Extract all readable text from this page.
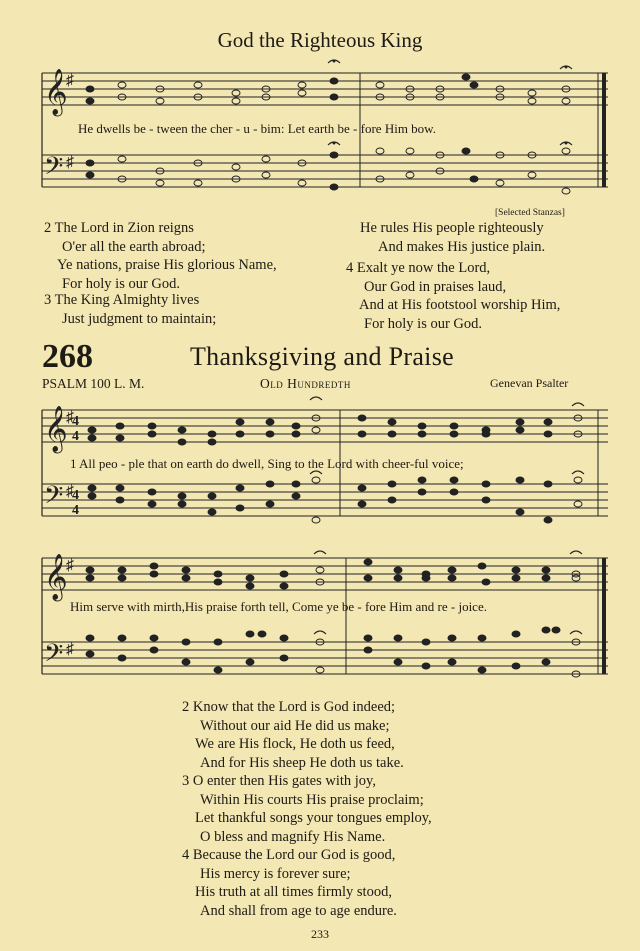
God the Righteous King
𝄞
𝄢
♯
♯
He dwells be - tween the cher - u - bim: Let earth be - fore Him bow.
[Selected Stanzas]
2 The Lord in Zion reigns
O'er all the earth abroad;
Ye nations, praise His glorious Name,
For holy is our God.
3 The King Almighty lives
Just judgment to maintain;
He rules His people righteously
And makes His justice plain.
4 Exalt ye now the Lord,
Our God in praises laud,
And at His footstool worship Him,
For holy is our God.
268	Thanksgiving and Praise
PSALM 100 L. M.	Old Hundredth	Genevan Psalter
𝄞
𝄢
♯
♯
4
4
4
4
1 All peo - ple that on earth do dwell, Sing to the Lord with cheer-ful voice;
𝄞
𝄢
♯
♯
Him serve with mirth,His praise forth tell, Come ye be - fore Him and re - joice.
2 Know that the Lord is God indeed;
Without our aid He did us make;
We are His flock, He doth us feed,
And for His sheep He doth us take.
3 O enter then His gates with joy,
Within His courts His praise proclaim;
Let thankful songs your tongues employ,
O bless and magnify His Name.
4 Because the Lord our God is good,
His mercy is forever sure;
His truth at all times firmly stood,
And shall from age to age endure.
233
